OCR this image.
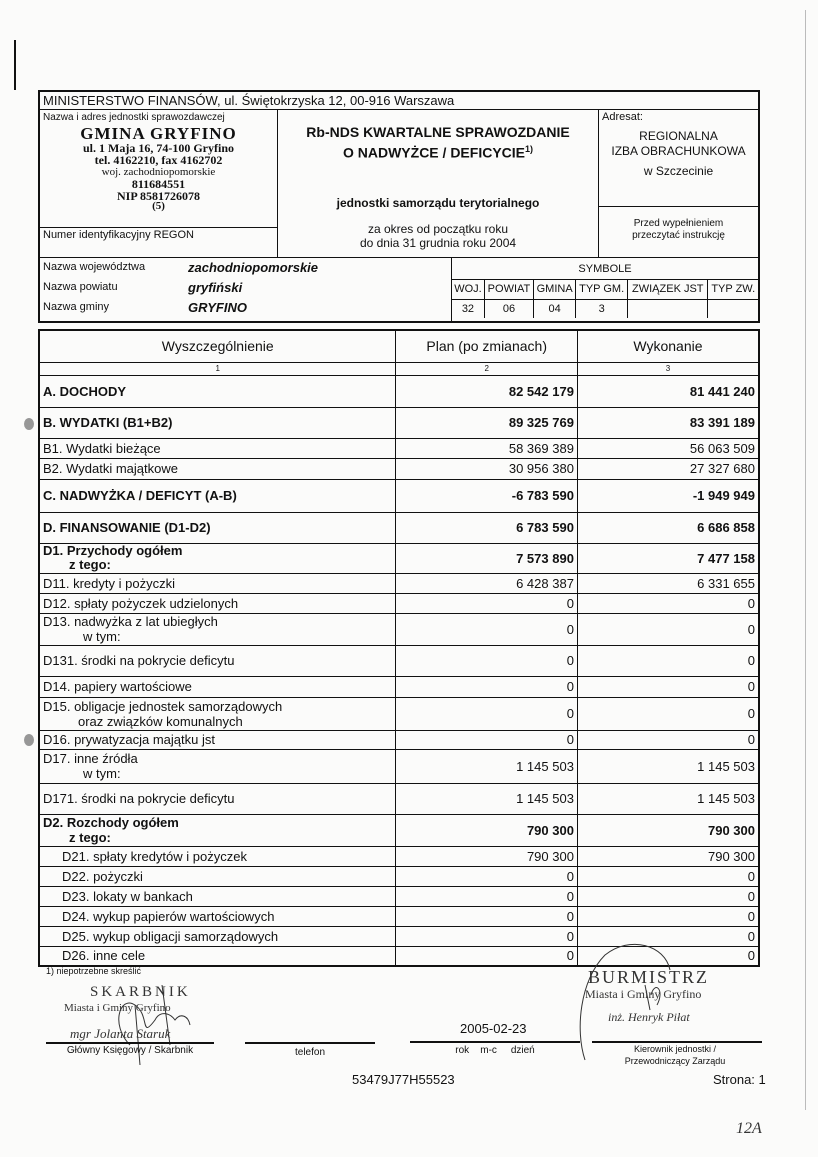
MINISTERSTWO FINANSÓW, ul. Świętokrzyska 12, 00-916 Warszawa
Nazwa i adres jednostki sprawozdawczej
GMINA GRYFINO
ul. 1 Maja 16, 74-100 Gryfino
tel. 4162210, fax 4162702
woj. zachodniopomorskie
811684551
NIP 8581726078
(5)
Numer identyfikacyjny REGON
Rb-NDS KWARTALNE SPRAWOZDANIE
O NADWYŻCE / DEFICYCIE$^{1)}$
jednostki samorządu terytorialnego
za okres od początku roku
do dnia 31 grudnia roku 2004
Adresat:
REGIONALNA
IZBA OBRACHUNKOWA
w Szczecinie
Przed wypełnieniem
przeczytać instrukcję
Nazwa województwa	zachodniopomorskie
Nazwa powiatu	gryfiński
Nazwa gminy	GRYFINO
SYMBOLE
WOJ.	POWIAT	GMINA	TYP GM.	ZWIĄZEK JST	TYP ZW.
32	06	04	3		
Wyszczególnienie	Plan (po zmianach)	Wykonanie
1	2	3
A. DOCHODY	82 542 179	81 441 240
B. WYDATKI (B1+B2)	89 325 769	83 391 189
B1. Wydatki bieżące	58 369 389	56 063 509
B2. Wydatki majątkowe	30 956 380	27 327 680
C. NADWYŻKA / DEFICYT (A-B)	-6 783 590	-1 949 949
D. FINANSOWANIE (D1-D2)	6 783 590	6 686 858
D1. Przychody ogółem
z tego:	7 573 890	7 477 158
D11. kredyty i pożyczki	6 428 387	6 331 655
D12. spłaty pożyczek udzielonych	0	0
D13. nadwyżka z lat ubiegłych
w tym:	0	0
D131. środki na pokrycie deficytu	0	0
D14. papiery wartościowe	0	0
D15. obligacje jednostek samorządowych
oraz związków komunalnych	0	0
D16. prywatyzacja majątku jst	0	0
D17. inne źródła
w tym:	1 145 503	1 145 503
D171. środki na pokrycie deficytu	1 145 503	1 145 503
D2. Rozchody ogółem
z tego:	790 300	790 300
D21. spłaty kredytów i pożyczek	790 300	790 300
D22. pożyczki	0	0
D23. lokaty w bankach	0	0
D24. wykup papierów wartościowych	0	0
D25. wykup obligacji samorządowych	0	0
D26. inne cele	0	0
1) niepotrzebne skreślić
SKARBNIK
Miasta i Gminy Gryfino
mgr Jolanta Staruk
Główny Księgowy / Skarbnik	telefon
2005-02-23
rok    m-c     dzień
BURMISTRZ
Miasta i Gminy Gryfino
inż. Henryk Piłat
Kierownik jednostki /
Przewodniczący Zarządu
53479J77H55523	Strona: 1
12A
